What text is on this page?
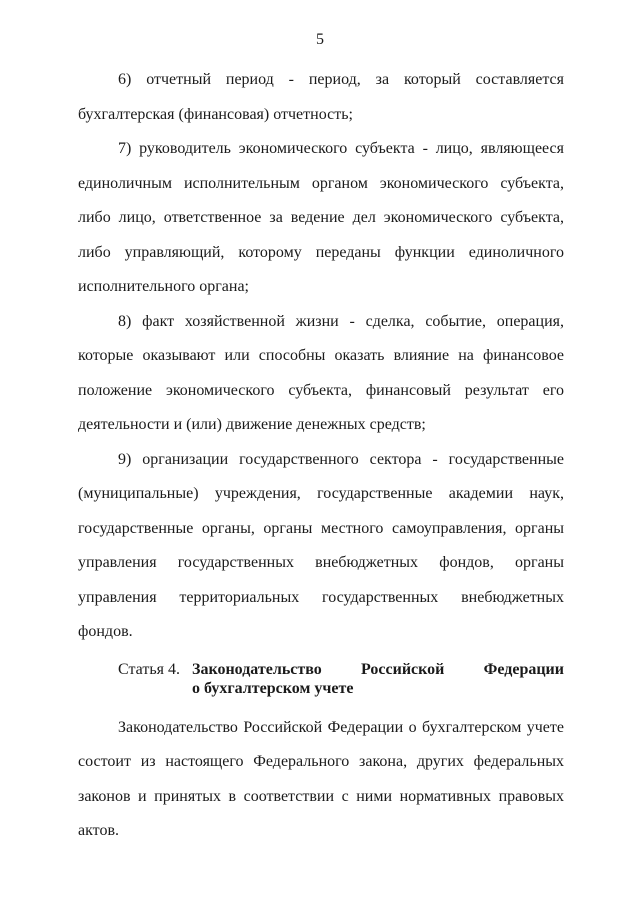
5

6) отчетный период - период, за который составляется бухгалтерская (финансовая) отчетность;

7) руководитель экономического субъекта - лицо, являющееся единоличным исполнительным органом экономического субъекта, либо лицо, ответственное за ведение дел экономического субъекта, либо управляющий, которому переданы функции единоличного исполнительного органа;

8) факт хозяйственной жизни - сделка, событие, операция, которые оказывают или способны оказать влияние на финансовое положение экономического субъекта, финансовый результат его деятельности и (или) движение денежных средств;

9) организации государственного сектора - государственные (муниципальные) учреждения, государственные академии наук, государственные органы, органы местного самоуправления, органы управления государственных внебюджетных фондов, органы управления территориальных государственных внебюджетных фондов.

Статья 4. Законодательство Российской Федерации
о бухгалтерском учете

Законодательство Российской Федерации о бухгалтерском учете состоит из настоящего Федерального закона, других федеральных законов и принятых в соответствии с ними нормативных правовых актов.
